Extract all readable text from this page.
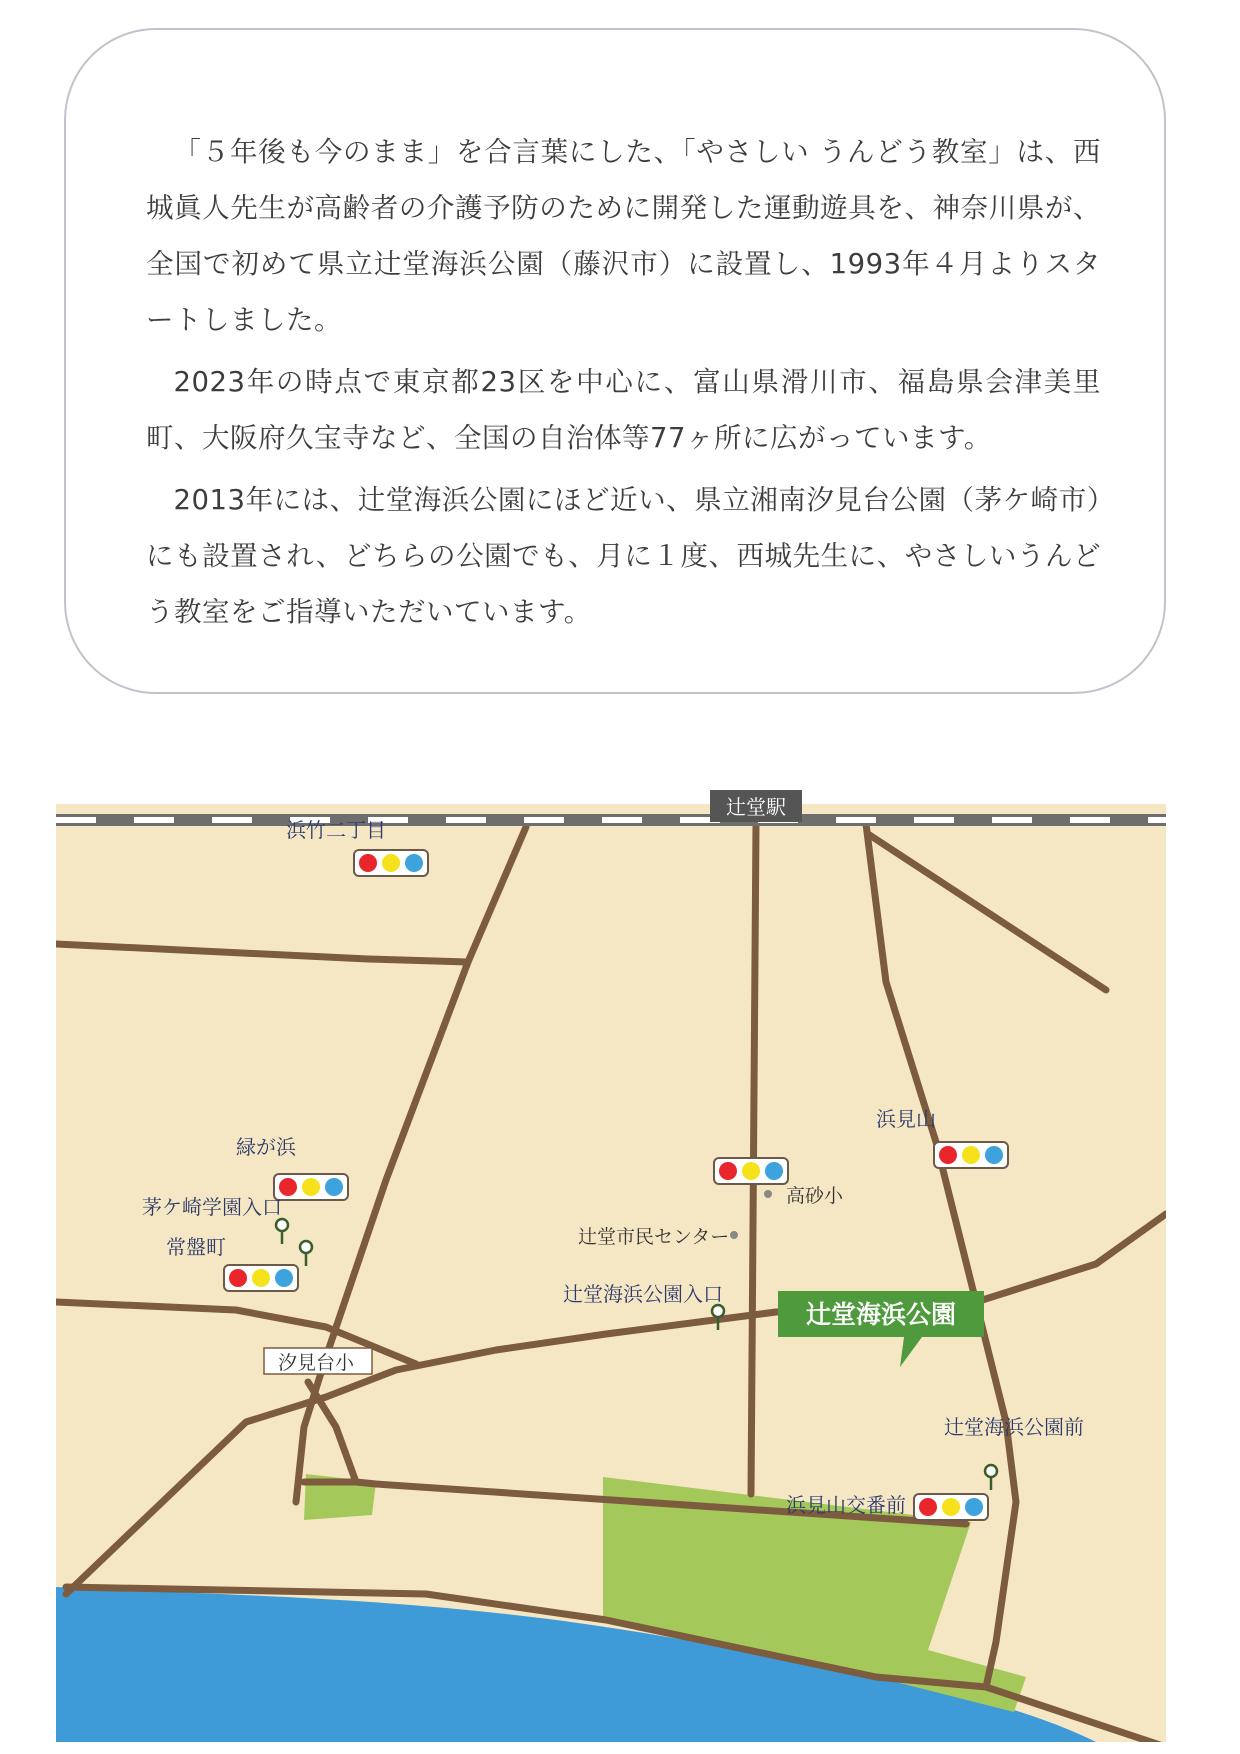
「５年後も今のまま」を合言葉にした、「やさしい うんどう教室」は、西城眞人先生が高齢者の介護予防のために開発した運動遊具を、神奈川県が、全国で初めて県立辻堂海浜公園（藤沢市）に設置し、1993年４月よりスタートしました。

2023年の時点で東京都23区を中心に、富山県滑川市、福島県会津美里町、大阪府久宝寺など、全国の自治体等77ヶ所に広がっています。

2013年には、辻堂海浜公園にほど近い、県立湘南汐見台公園（茅ケ崎市）にも設置され、どちらの公園でも、月に１度、西城先生に、やさしいうんどう教室をご指導いただいています。

辻堂駅
浜竹二丁目
緑が浜
常盤町
浜見山
浜見山交番前
茅ケ崎学園入口
辻堂海浜公園入口
辻堂海浜公園前
高砂小
辻堂市民センター
汐見台小
辻堂海浜公園
